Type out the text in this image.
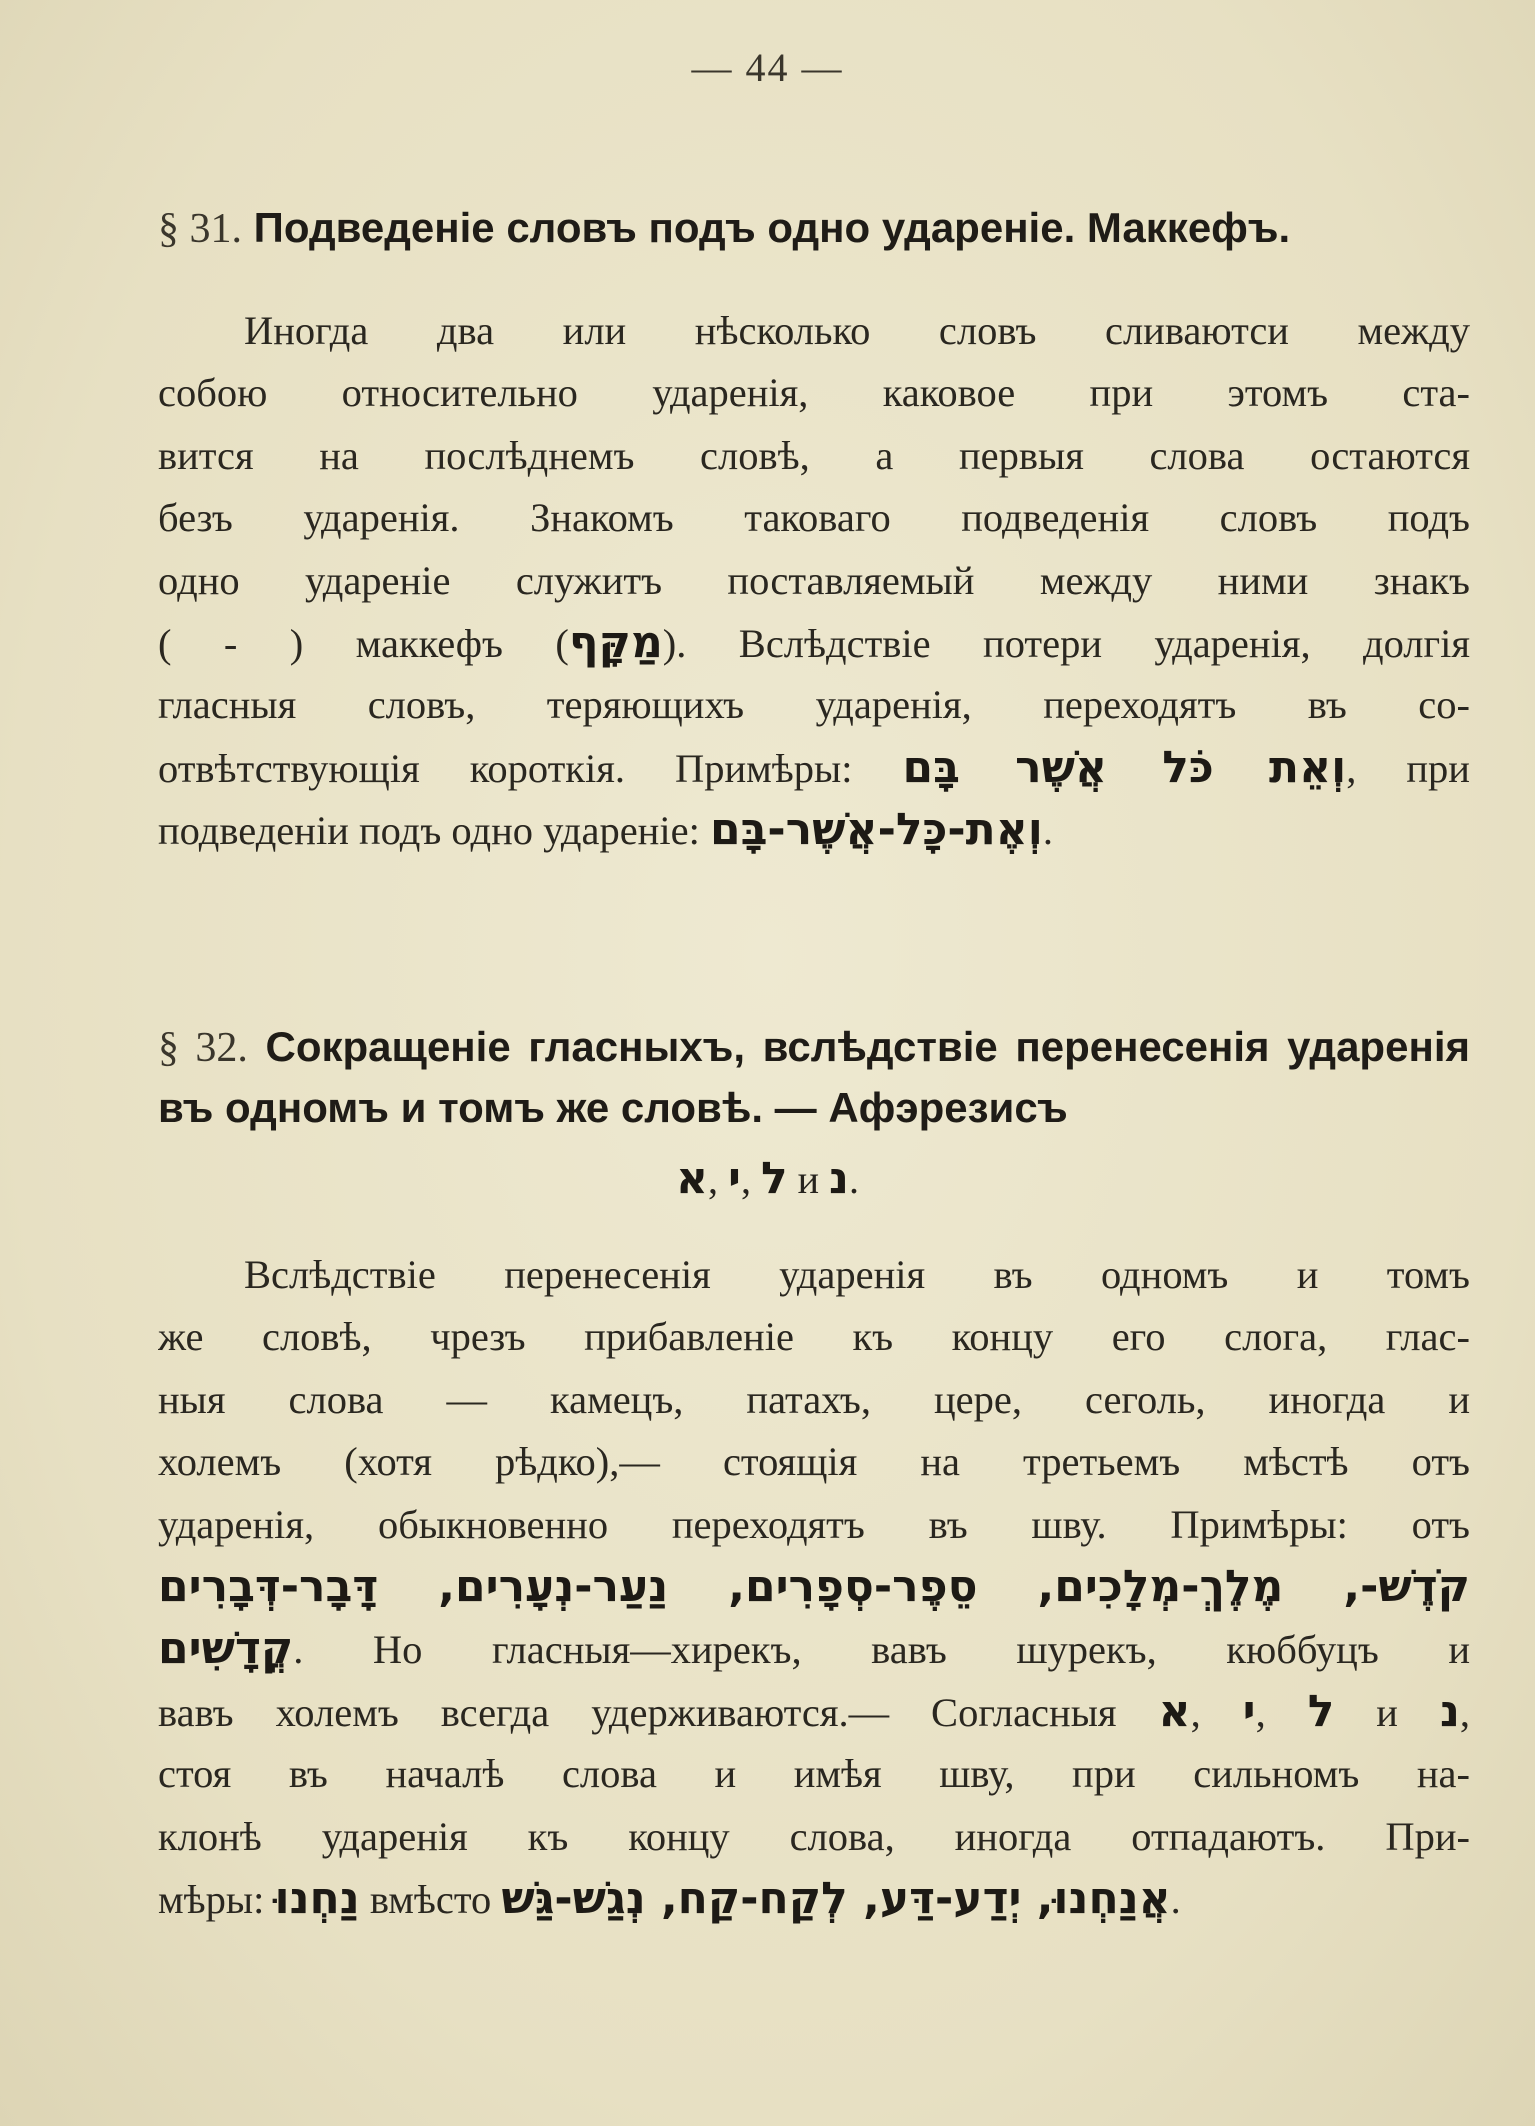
— 44 —
§ 31. Подведеніе словъ подъ одно удареніе. Маккефъ.
Иногда два или нѣсколько словъ сливаютси между
собою относительно ударенія, каковое при этомъ ста-
вится на послѣднемъ словѣ, а первыя слова остаются
безъ ударенія. Знакомъ таковаго подведенія словъ подъ
одно удареніе служитъ поставляемый между ними знакъ
( - ) маккефъ (מַקָּף). Вслѣдствіе потери ударенія, долгія
гласныя словъ, теряющихъ ударенія, переходятъ въ со-
отвѣтствующія короткія. Примѣры: וְאֵת כֹּל אֲשֶׁר בָּם, при
подведеніи подъ одно удареніе: וְאֶת-כָּל-אֲשֶׁר-בָּם.
§ 32. Сокращеніе гласныхъ, вслѣдствіе перенесенія ударенія въ одномъ и томъ же словѣ. — Афэрезисъ
א, י, ל и נ.
Вслѣдствіе перенесенія ударенія въ одномъ и томъ
же словѣ, чрезъ прибавленіе къ концу его слога, глас-
ныя слова — камецъ, патахъ, цере, сеголь, иногда и
холемъ (хотя рѣдко),— стоящія на третьемъ мѣстѣ отъ
ударенія, обыкновенно переходятъ въ шву. Примѣры: отъ
קֹדֶשׁ-, מֶלֶךְ-מְלָכִים, סֵפֶר-סְפָרִים, נַעַר-נְעָרִים, דָּבָר-דְּבָרִים
קֳדָשִׁים. Но гласныя—хирекъ, вавъ шурекъ, кюббуцъ и
вавъ холемъ всегда удерживаются.— Согласныя א, י, ל и נ,
стоя въ началѣ слова и имѣя шву, при сильномъ на-
клонѣ ударенія къ концу слова, иногда отпадаютъ. При-
мѣры: נַחְנוּ вмѣсто אֲנַחְנוּ, יְדַע-דַּע, לְקַח-קַח, נְגַשׁ-גַּשׁ.
